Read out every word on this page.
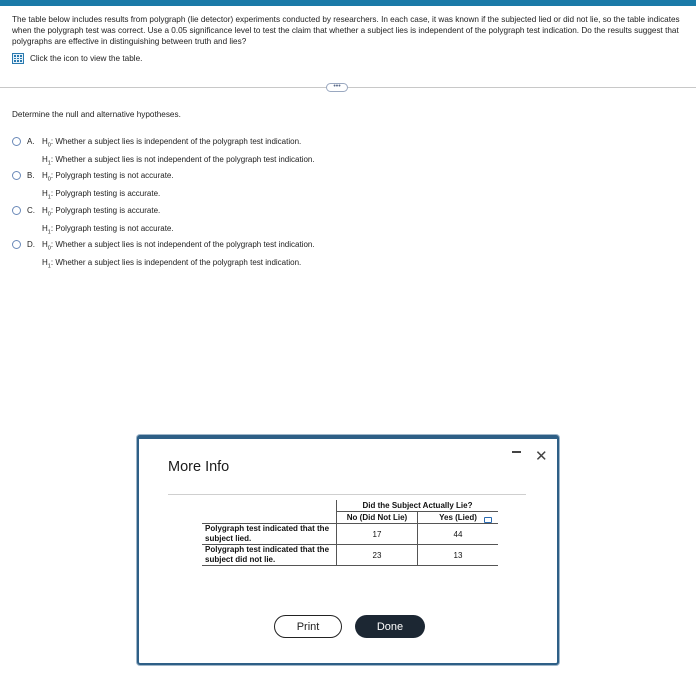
The table below includes results from polygraph (lie detector) experiments conducted by researchers. In each case, it was known if the subjected lied or did not lie, so the table indicates when the polygraph test was correct. Use a 0.05 significance level to test the claim that whether a subject lies is independent of the polygraph test indication. Do the results suggest that polygraphs are effective in distinguishing between truth and lies?
Click the icon to view the table.
•••
Determine the null and alternative hypotheses.
A. $H_0$: Whether a subject lies is independent of the polygraph test indication.
$H_1$: Whether a subject lies is not independent of the polygraph test indication.
B. $H_0$: Polygraph testing is not accurate.
$H_1$: Polygraph testing is accurate.
C. $H_0$: Polygraph testing is accurate.
$H_1$: Polygraph testing is not accurate.
D. $H_0$: Whether a subject lies is not independent of the polygraph test indication.
$H_1$: Whether a subject lies is independent of the polygraph test indication.
More Info
✕
	Did the Subject Actually Lie?	
	No (Did Not Lie)	Yes (Lied)
Polygraph test indicated that the subject lied.	17	44
Polygraph test indicated that the subject did not lie.	23	13
Print	Done
